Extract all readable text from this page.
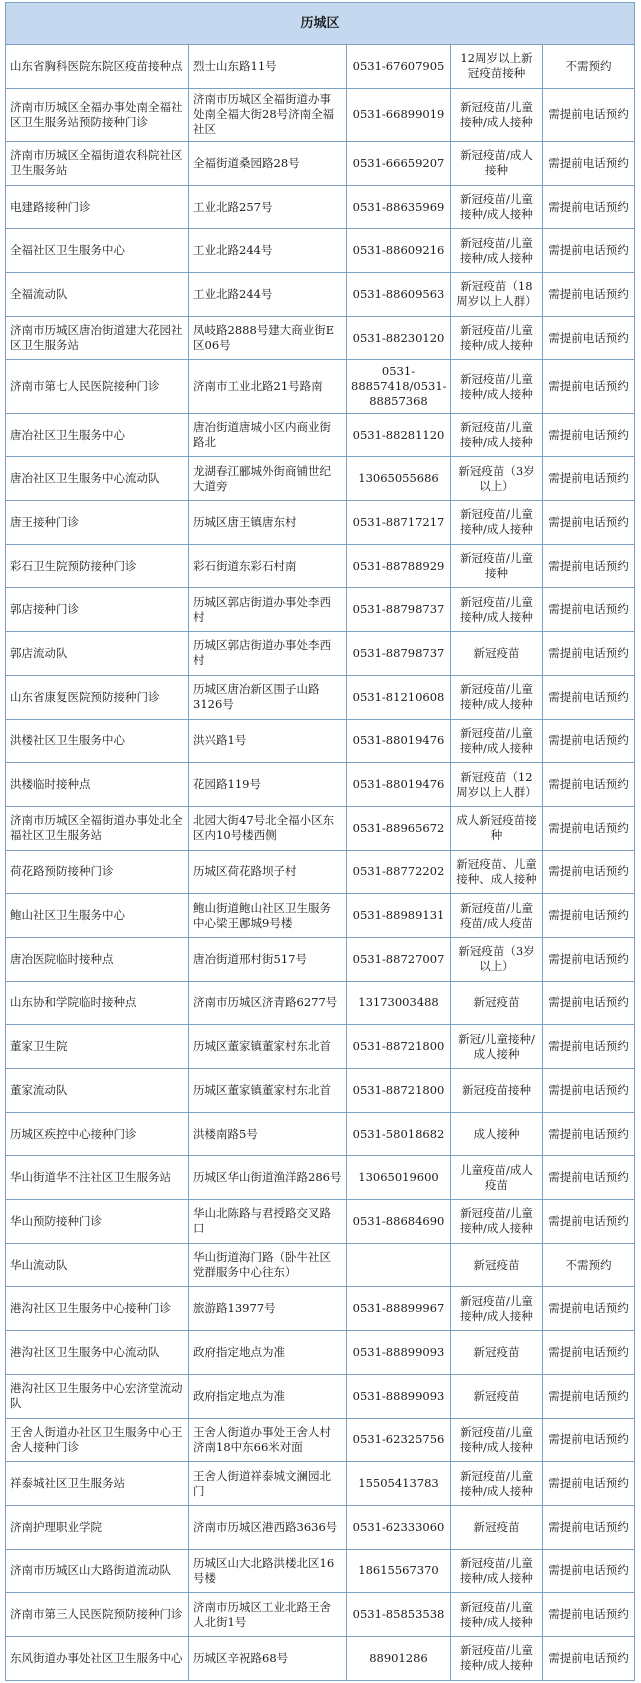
历城区				
山东省胸科医院东院区疫苗接种点	烈士山东路11号	0531-67607905	12周岁以上新冠疫苗接种	不需预约
济南市历城区全福办事处南全福社区卫生服务站预防接种门诊	济南市历城区全福街道办事处南全福大街28号济南全福社区	0531-66899019	新冠疫苗/儿童接种/成人接种	需提前电话预约
济南市历城区全福街道农科院社区卫生服务站	全福街道桑园路28号	0531-66659207	新冠疫苗/成人接种	需提前电话预约
电建路接种门诊	工业北路257号	0531-88635969	新冠疫苗/儿童接种/成人接种	需提前电话预约
全福社区卫生服务中心	工业北路244号	0531-88609216	新冠疫苗/儿童接种/成人接种	需提前电话预约
全福流动队	工业北路244号	0531-88609563	新冠疫苗（18周岁以上人群）	需提前电话预约
济南市历城区唐冶街道建大花园社区卫生服务站	凤岐路2888号建大商业街E区06号	0531-88230120	新冠疫苗/儿童接种/成人接种	需提前电话预约
济南市第七人民医院接种门诊	济南市工业北路21号路南	0531-88857418/0531-88857368	新冠疫苗/儿童接种/成人接种	需提前电话预约
唐冶社区卫生服务中心	唐冶街道唐城小区内商业街路北	0531-88281120	新冠疫苗/儿童接种/成人接种	需提前电话预约
唐冶社区卫生服务中心流动队	龙湖春江郦城外街商铺世纪大道旁	13065055686	新冠疫苗（3岁以上）	需提前电话预约
唐王接种门诊	历城区唐王镇唐东村	0531-88717217	新冠疫苗/儿童接种/成人接种	需提前电话预约
彩石卫生院预防接种门诊	彩石街道东彩石村南	0531-88788929	新冠疫苗/儿童接种	需提前电话预约
郭店接种门诊	历城区郭店街道办事处李西村	0531-88798737	新冠疫苗/儿童接种/成人接种	需提前电话预约
郭店流动队	历城区郭店街道办事处李西村	0531-88798737	新冠疫苗	需提前电话预约
山东省康复医院预防接种门诊	历城区唐冶新区围子山路3126号	0531-81210608	新冠疫苗/儿童接种/成人接种	需提前电话预约
洪楼社区卫生服务中心	洪兴路1号	0531-88019476	新冠疫苗/儿童接种/成人接种	需提前电话预约
洪楼临时接种点	花园路119号	0531-88019476	新冠疫苗（12周岁以上人群）	需提前电话预约
济南市历城区全福街道办事处北全福社区卫生服务站	北园大街47号北全福小区东区内10号楼西侧	0531-88965672	成人新冠疫苗接种	需提前电话预约
荷花路预防接种门诊	历城区荷花路坝子村	0531-88772202	新冠疫苗、儿童接种、成人接种	需提前电话预约
鲍山社区卫生服务中心	鲍山街道鲍山社区卫生服务中心梁王鄌城9号楼	0531-88989131	新冠疫苗/儿童疫苗/成人疫苗	需提前电话预约
唐冶医院临时接种点	唐冶街道邢村街517号	0531-88727007	新冠疫苗（3岁以上）	需提前电话预约
山东协和学院临时接种点	济南市历城区济青路6277号	13173003488	新冠疫苗	需提前电话预约
董家卫生院	历城区董家镇董家村东北首	0531-88721800	新冠/儿童接种/成人接种	需提前电话预约
董家流动队	历城区董家镇董家村东北首	0531-88721800	新冠疫苗接种	需提前电话预约
历城区疾控中心接种门诊	洪楼南路5号	0531-58018682	成人接种	需提前电话预约
华山街道华不注社区卫生服务站	历城区华山街道渔洋路286号	13065019600	儿童疫苗/成人疫苗	需提前电话预约
华山预防接种门诊	华山北陈路与君授路交叉路口	0531-88684690	新冠疫苗/儿童接种/成人接种	需提前电话预约
华山流动队	华山街道海门路（卧牛社区党群服务中心往东）		新冠疫苗	不需预约
港沟社区卫生服务中心接种门诊	旅游路13977号	0531-88899967	新冠疫苗/儿童接种/成人接种	需提前电话预约
港沟社区卫生服务中心流动队	政府指定地点为准	0531-88899093	新冠疫苗	需提前电话预约
港沟社区卫生服务中心宏济堂流动队	政府指定地点为准	0531-88899093	新冠疫苗	需提前电话预约
王舍人街道办社区卫生服务中心王舍人接种门诊	王舍人街道办事处王舍人村济南18中东66米对面	0531-62325756	新冠疫苗/儿童接种/成人接种	需提前电话预约
祥泰城社区卫生服务站	王舍人街道祥泰城文澜园北门	15505413783	新冠疫苗/儿童接种/成人接种	需提前电话预约
济南护理职业学院	济南市历城区港西路3636号	0531-62333060	新冠疫苗	需提前电话预约
济南市历城区山大路街道流动队	历城区山大北路洪楼北区16号楼	18615567370	新冠疫苗/儿童接种/成人接种	需提前电话预约
济南市第三人民医院预防接种门诊	济南市历城区工业北路王舍人北街1号	0531-85853538	新冠疫苗/儿童接种/成人接种	需提前电话预约
东风街道办事处社区卫生服务中心	历城区辛祝路68号	88901286	新冠疫苗/儿童接种/成人接种	需提前电话预约
